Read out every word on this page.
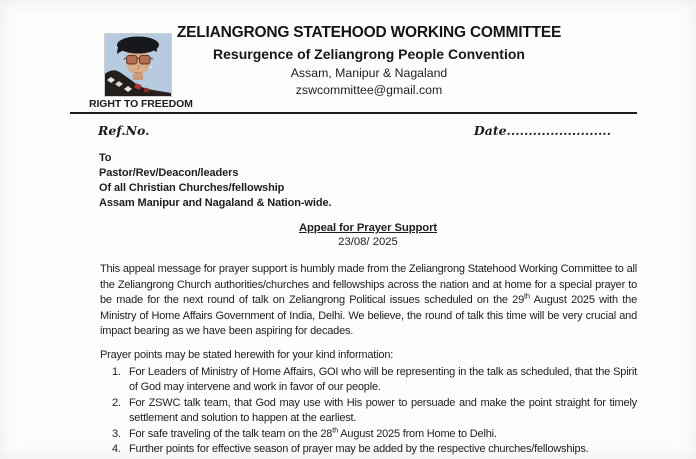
RIGHT TO FREEDOM
ZELIANGRONG STATEHOOD WORKING COMMITTEE
Resurgence of Zeliangrong People Convention
Assam, Manipur & Nagaland
zswcommittee@gmail.com
Ref.No.	Date........................
To
Pastor/Rev/Deacon/leaders
Of all Christian Churches/fellowship
Assam Manipur and Nagaland & Nation-wide.
Appeal for Prayer Support
23/08/ 2025

This appeal message for prayer support is humbly made from the Zeliangrong Statehood Working Committee to all the Zeliangrong Church authorities/churches and fellowships across the nation and at home for a special prayer to be made for the next round of talk on Zeliangrong Political issues scheduled on the 29th August 2025 with the Ministry of Home Affairs Government of India, Delhi. We believe, the round of talk this time will be very crucial and impact bearing as we have been aspiring for decades.

Prayer points may be stated herewith for your kind information:
1. For Leaders of Ministry of Home Affairs, GOI who will be representing in the talk as scheduled, that the Spirit of God may intervene and work in favor of our people.
2. For ZSWC talk team, that God may use with His power to persuade and make the point straight for timely settlement and solution to happen at the earliest.
3. For safe traveling of the talk team on the 28th August 2025 from Home to Delhi.
4. Further points for effective season of prayer may be added by the respective churches/fellowships.
